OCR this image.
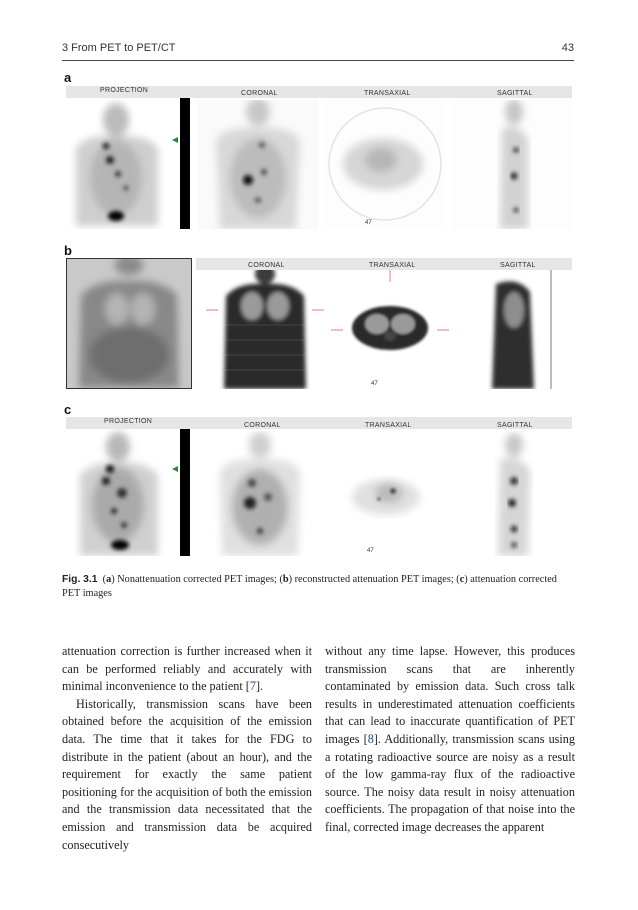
3 From PET to PET/CT	43
a
PROJECTION	CORONAL	TRANSAXIAL	SAGITTAL
47
b
CORONAL	TRANSAXIAL	SAGITTAL
47
c
PROJECTION
CORONAL	TRANSAXIAL	SAGITTAL
47
Fig. 3.1 (a) Nonattenuation corrected PET images; (b) reconstructed attenuation PET images; (c) attenuation corrected PET images

attenuation correction is further increased when it can be performed reliably and accurately with minimal inconvenience to the patient [7].

Historically, transmission scans have been obtained before the acquisition of the emission data. The time that it takes for the FDG to distribute in the patient (about an hour), and the requirement for exactly the same patient positioning for the acquisition of both the emission and the transmission data necessitated that the emission and transmission data be acquired consecutively

without any time lapse. However, this produces transmission scans that are inherently contaminated by emission data. Such cross talk results in underestimated attenuation coefficients that can lead to inaccurate quantification of PET images [8]. Additionally, transmission scans using a rotating radioactive source are noisy as a result of the low gamma-ray flux of the radioactive source. The noisy data result in noisy attenuation coefficients. The propagation of that noise into the final, corrected image decreases the apparent
